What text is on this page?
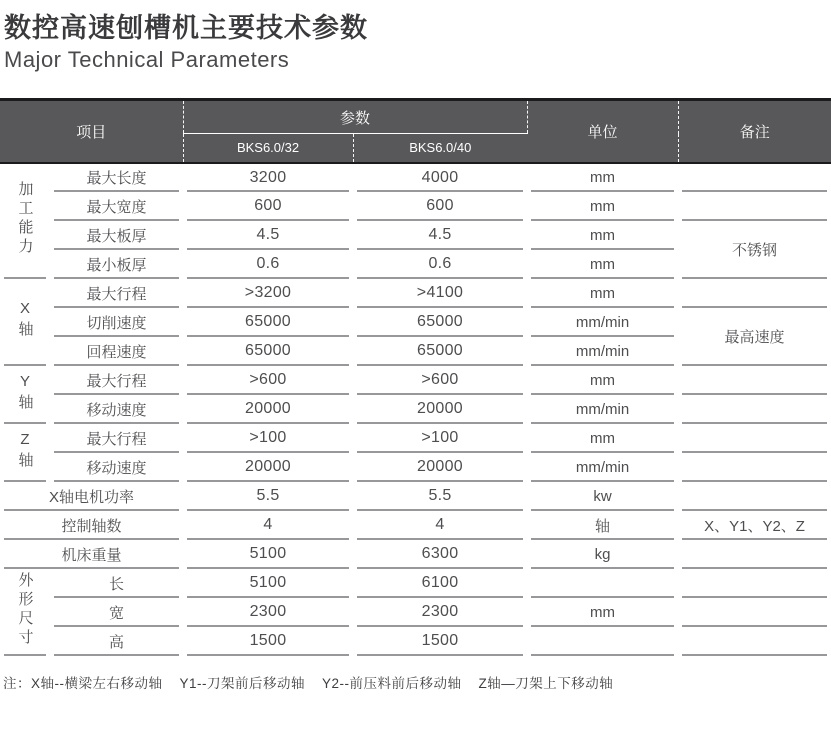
数控高速刨槽机主要技术参数
Major Technical Parameters
项目		参数		单位	备注
		BKS6.0/32	BKS6.0/40		
加工能力	最大长度	3200	4000	mm	
	最大宽度	600	600	mm	
	最大板厚	4.5	4.5	mm	不锈钢
	最小板厚	0.6	0.6	mm	
X轴	最大行程	>3200	>4100	mm	
	切削速度	65000	65000	mm/min	最高速度
	回程速度	65000	65000	mm/min	
Y轴	最大行程	>600	>600	mm	
	移动速度	20000	20000	mm/min	
Z轴	最大行程	>100	>100	mm	
	移动速度	20000	20000	mm/min	
X轴电机功率		5.5	5.5	kw	
控制轴数		4	4	轴	X、Y1、Y2、Z
机床重量		5100	6300	kg	
外形尺寸	长	5100	6100		
	宽	2300	2300	mm	
	高	1500	1500		

注：X轴--横梁左右移动轴 Y1--刀架前后移动轴 Y2--前压料前后移动轴 Z轴—刀架上下移动轴
